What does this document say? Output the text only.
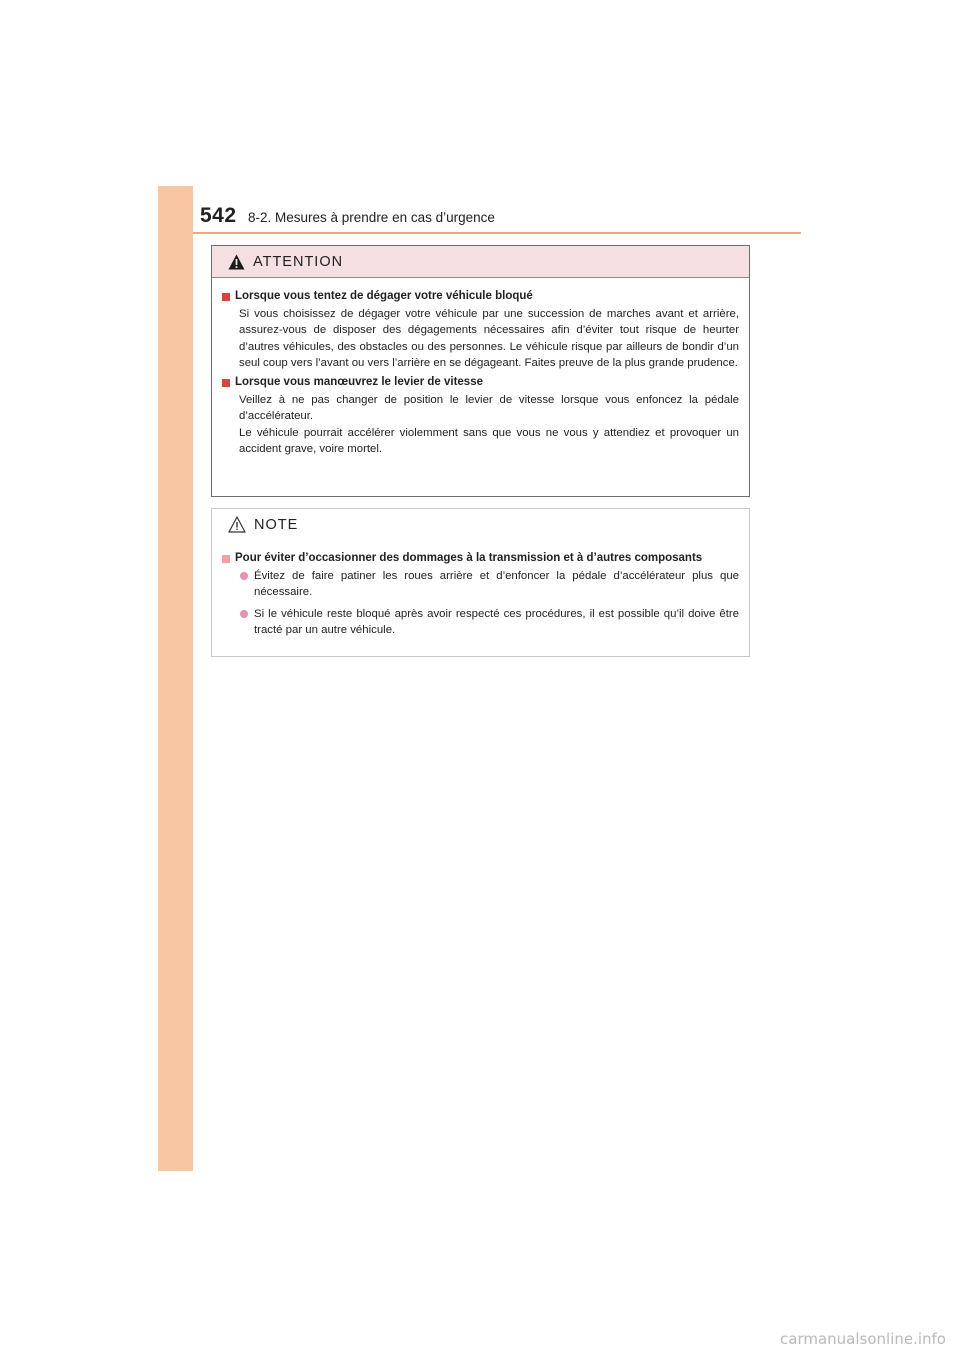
542 8-2. Mesures à prendre en cas d’urgence
ATTENTION
Lorsque vous tentez de dégager votre véhicule bloqué

Si vous choisissez de dégager votre véhicule par une succession de marches avant et arrière, assurez-vous de disposer des dégagements nécessaires afin d’éviter tout risque de heurter d’autres véhicules, des obstacles ou des personnes. Le véhicule risque par ailleurs de bondir d’un seul coup vers l’avant ou vers l’arrière en se dégageant. Faites preuve de la plus grande prudence.

Lorsque vous manœuvrez le levier de vitesse

Veillez à ne pas changer de position le levier de vitesse lorsque vous enfoncez la pédale d’accélérateur.

Le véhicule pourrait accélérer violemment sans que vous ne vous y attendiez et provoquer un accident grave, voire mortel.

NOTE
Pour éviter d’occasionner des dommages à la transmission et à d’autres composants
Évitez de faire patiner les roues arrière et d’enfoncer la pédale d’accélérateur plus que nécessaire.
Si le véhicule reste bloqué après avoir respecté ces procédures, il est possible qu’il doive être tracté par un autre véhicule.
carmanualsonline.info
